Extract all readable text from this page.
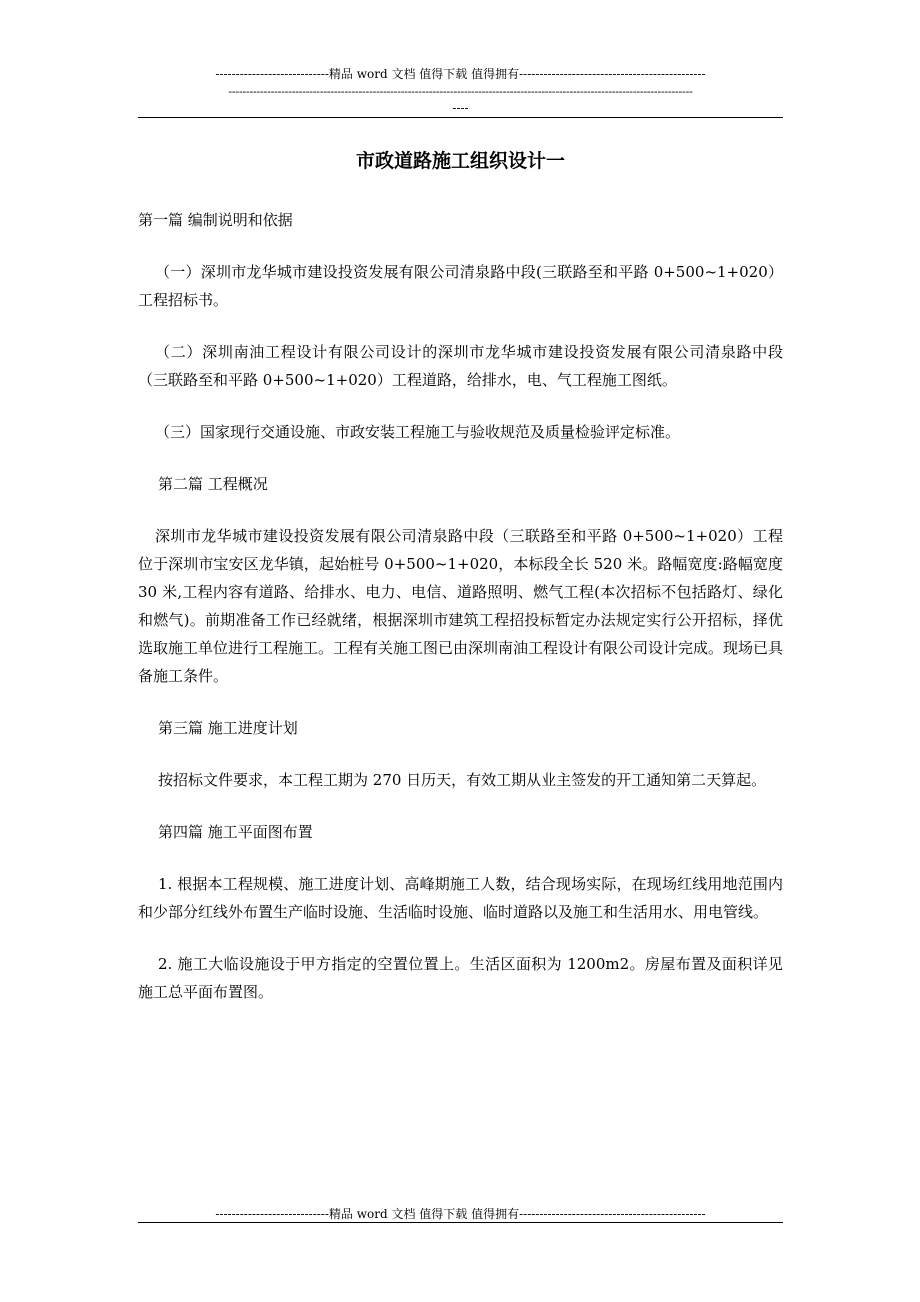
----------------------------精品 word 文档 值得下载 值得拥有----------------------------------------------
------------------------------------------------------------------------------------------------------------------------------------
----
市政道路施工组织设计一

第一篇 编制说明和依据

（一）深圳市龙华城市建设投资发展有限公司清泉路中段(三联路至和平路 0+500~1+020）工程招标书。

（二）深圳南油工程设计有限公司设计的深圳市龙华城市建设投资发展有限公司清泉路中段（三联路至和平路 0+500~1+020）工程道路，给排水，电、气工程施工图纸。

（三）国家现行交通设施、市政安装工程施工与验收规范及质量检验评定标准。

第二篇 工程概况

深圳市龙华城市建设投资发展有限公司清泉路中段（三联路至和平路 0+500~1+020）工程位于深圳市宝安区龙华镇，起始桩号 0+500~1+020，本标段全长 520 米。路幅宽度:路幅宽度 30 米,工程内容有道路、给排水、电力、电信、道路照明、燃气工程(本次招标不包括路灯、绿化和燃气)。前期准备工作已经就绪，根据深圳市建筑工程招投标暂定办法规定实行公开招标，择优选取施工单位进行工程施工。工程有关施工图已由深圳南油工程设计有限公司设计完成。现场已具备施工条件。

第三篇 施工进度计划

按招标文件要求，本工程工期为 270 日历天，有效工期从业主签发的开工通知第二天算起。

第四篇 施工平面图布置

1. 根据本工程规模、施工进度计划、高峰期施工人数，结合现场实际，在现场红线用地范围内和少部分红线外布置生产临时设施、生活临时设施、临时道路以及施工和生活用水、用电管线。

2. 施工大临设施设于甲方指定的空置位置上。生活区面积为 1200m2。房屋布置及面积详见施工总平面布置图。

----------------------------精品 word 文档 值得下载 值得拥有----------------------------------------------
